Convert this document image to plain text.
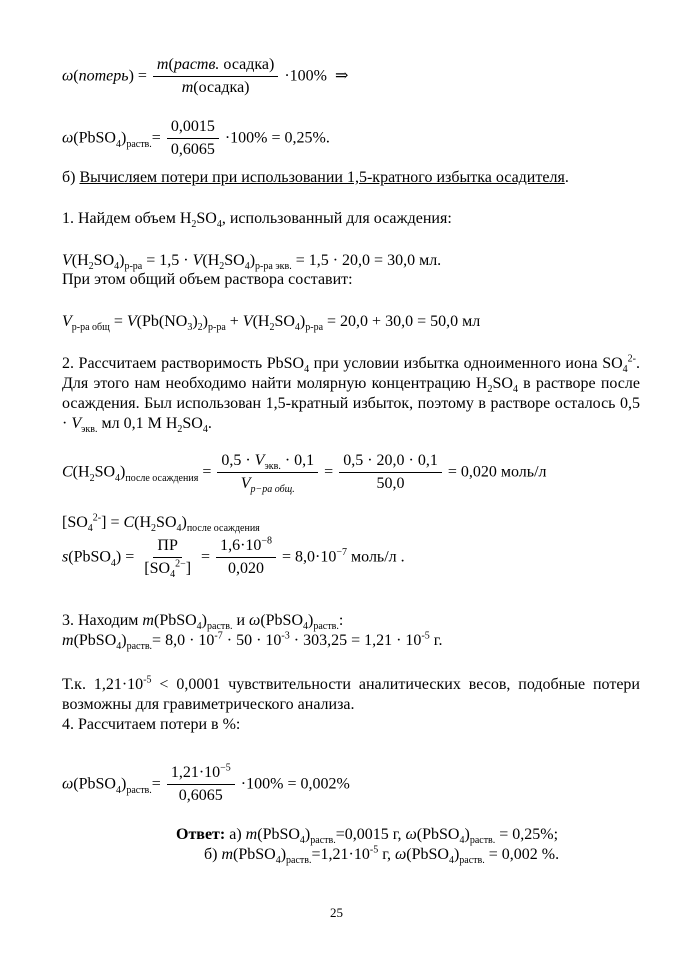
ω(потерь) = $\frac{\text{m(раств. осадка)}}{\text{m(осадка)}} \cdot 100\%$  ⇒
$\omega(PbSO_4)_{раств.}= \frac{0,0015}{0,6065} \cdot 100\% = 0,25\%$.
б) Вычисляем потери при использовании 1,5-кратного избытка осадителя.
1. Найдем объем $H_2SO_4$, использованный для осаждения:
$V(H_2SO_4)_{р-ра} = 1,5 \cdot V(H_2SO_4)_{р-ра экв.} = 1,5 \cdot 20,0 = 30,0$ мл.
При этом общий объем раствора составит:
$V_{р-ра общ} = V(Pb(NO_3)_2)_{р-ра} + V(H_2SO_4)_{р-ра} = 20,0 + 30,0 = 50,0$ мл
2. Рассчитаем растворимость PbSO$_4$ при условии избытка одноименного иона $SO_4^{2-}$. Для этого нам необходимо найти молярную концентрацию $H_2SO_4$ в растворе после осаждения. Был использован 1,5-кратный избыток, поэтому в растворе осталось $0,5 \cdot V_{экв.}$ мл 0,1 М $H_2SO_4$.
$C(H_2SO_4)_{после осаждения} = \frac{0,5 \cdot V_{экв.} \cdot 0,1}{V_{р-ра общ.}} = \frac{0,5 \cdot 20,0 \cdot 0,1}{50,0} = 0,020$ моль/л
$[SO_4^{2-}] = C(H_2SO_4)_{после осаждения}$
s(PbSO$_4$) = $\frac{ПР}{[SO_4^{2-}]} = \frac{1,6\cdot 10^{-8}}{0,020} = 8,0\cdot 10^{-7}$ моль/л .
3. Находим $m(PbSO_4)_{раств.}$ и $\omega(PbSO_4)_{раств.}$:
$m(PbSO_4)_{раств.}= 8,0 \cdot 10^{-7} \cdot 50 \cdot 10^{-3} \cdot 303,25 = 1,21 \cdot 10^{-5}$ г.
Т.к. $1,21\cdot 10^{-5} < 0,0001$ чувствительности аналитических весов, подобные потери возможны для гравиметрического анализа.
4. Рассчитаем потери в %:
$\omega(PbSO_4)_{раств.}= \frac{1,21\cdot 10^{-5}}{0,6065} \cdot 100\% = 0,002\%$
Ответ: а) $m(PbSO_4)_{раств.}=0,0015$ г, $\omega(PbSO_4)_{раств.} = 0,25\%$;
б) $m(PbSO_4)_{раств.}=1,21\cdot 10^{-5}$ г, $\omega(PbSO_4)_{раств.} = 0,002$ %.
25
